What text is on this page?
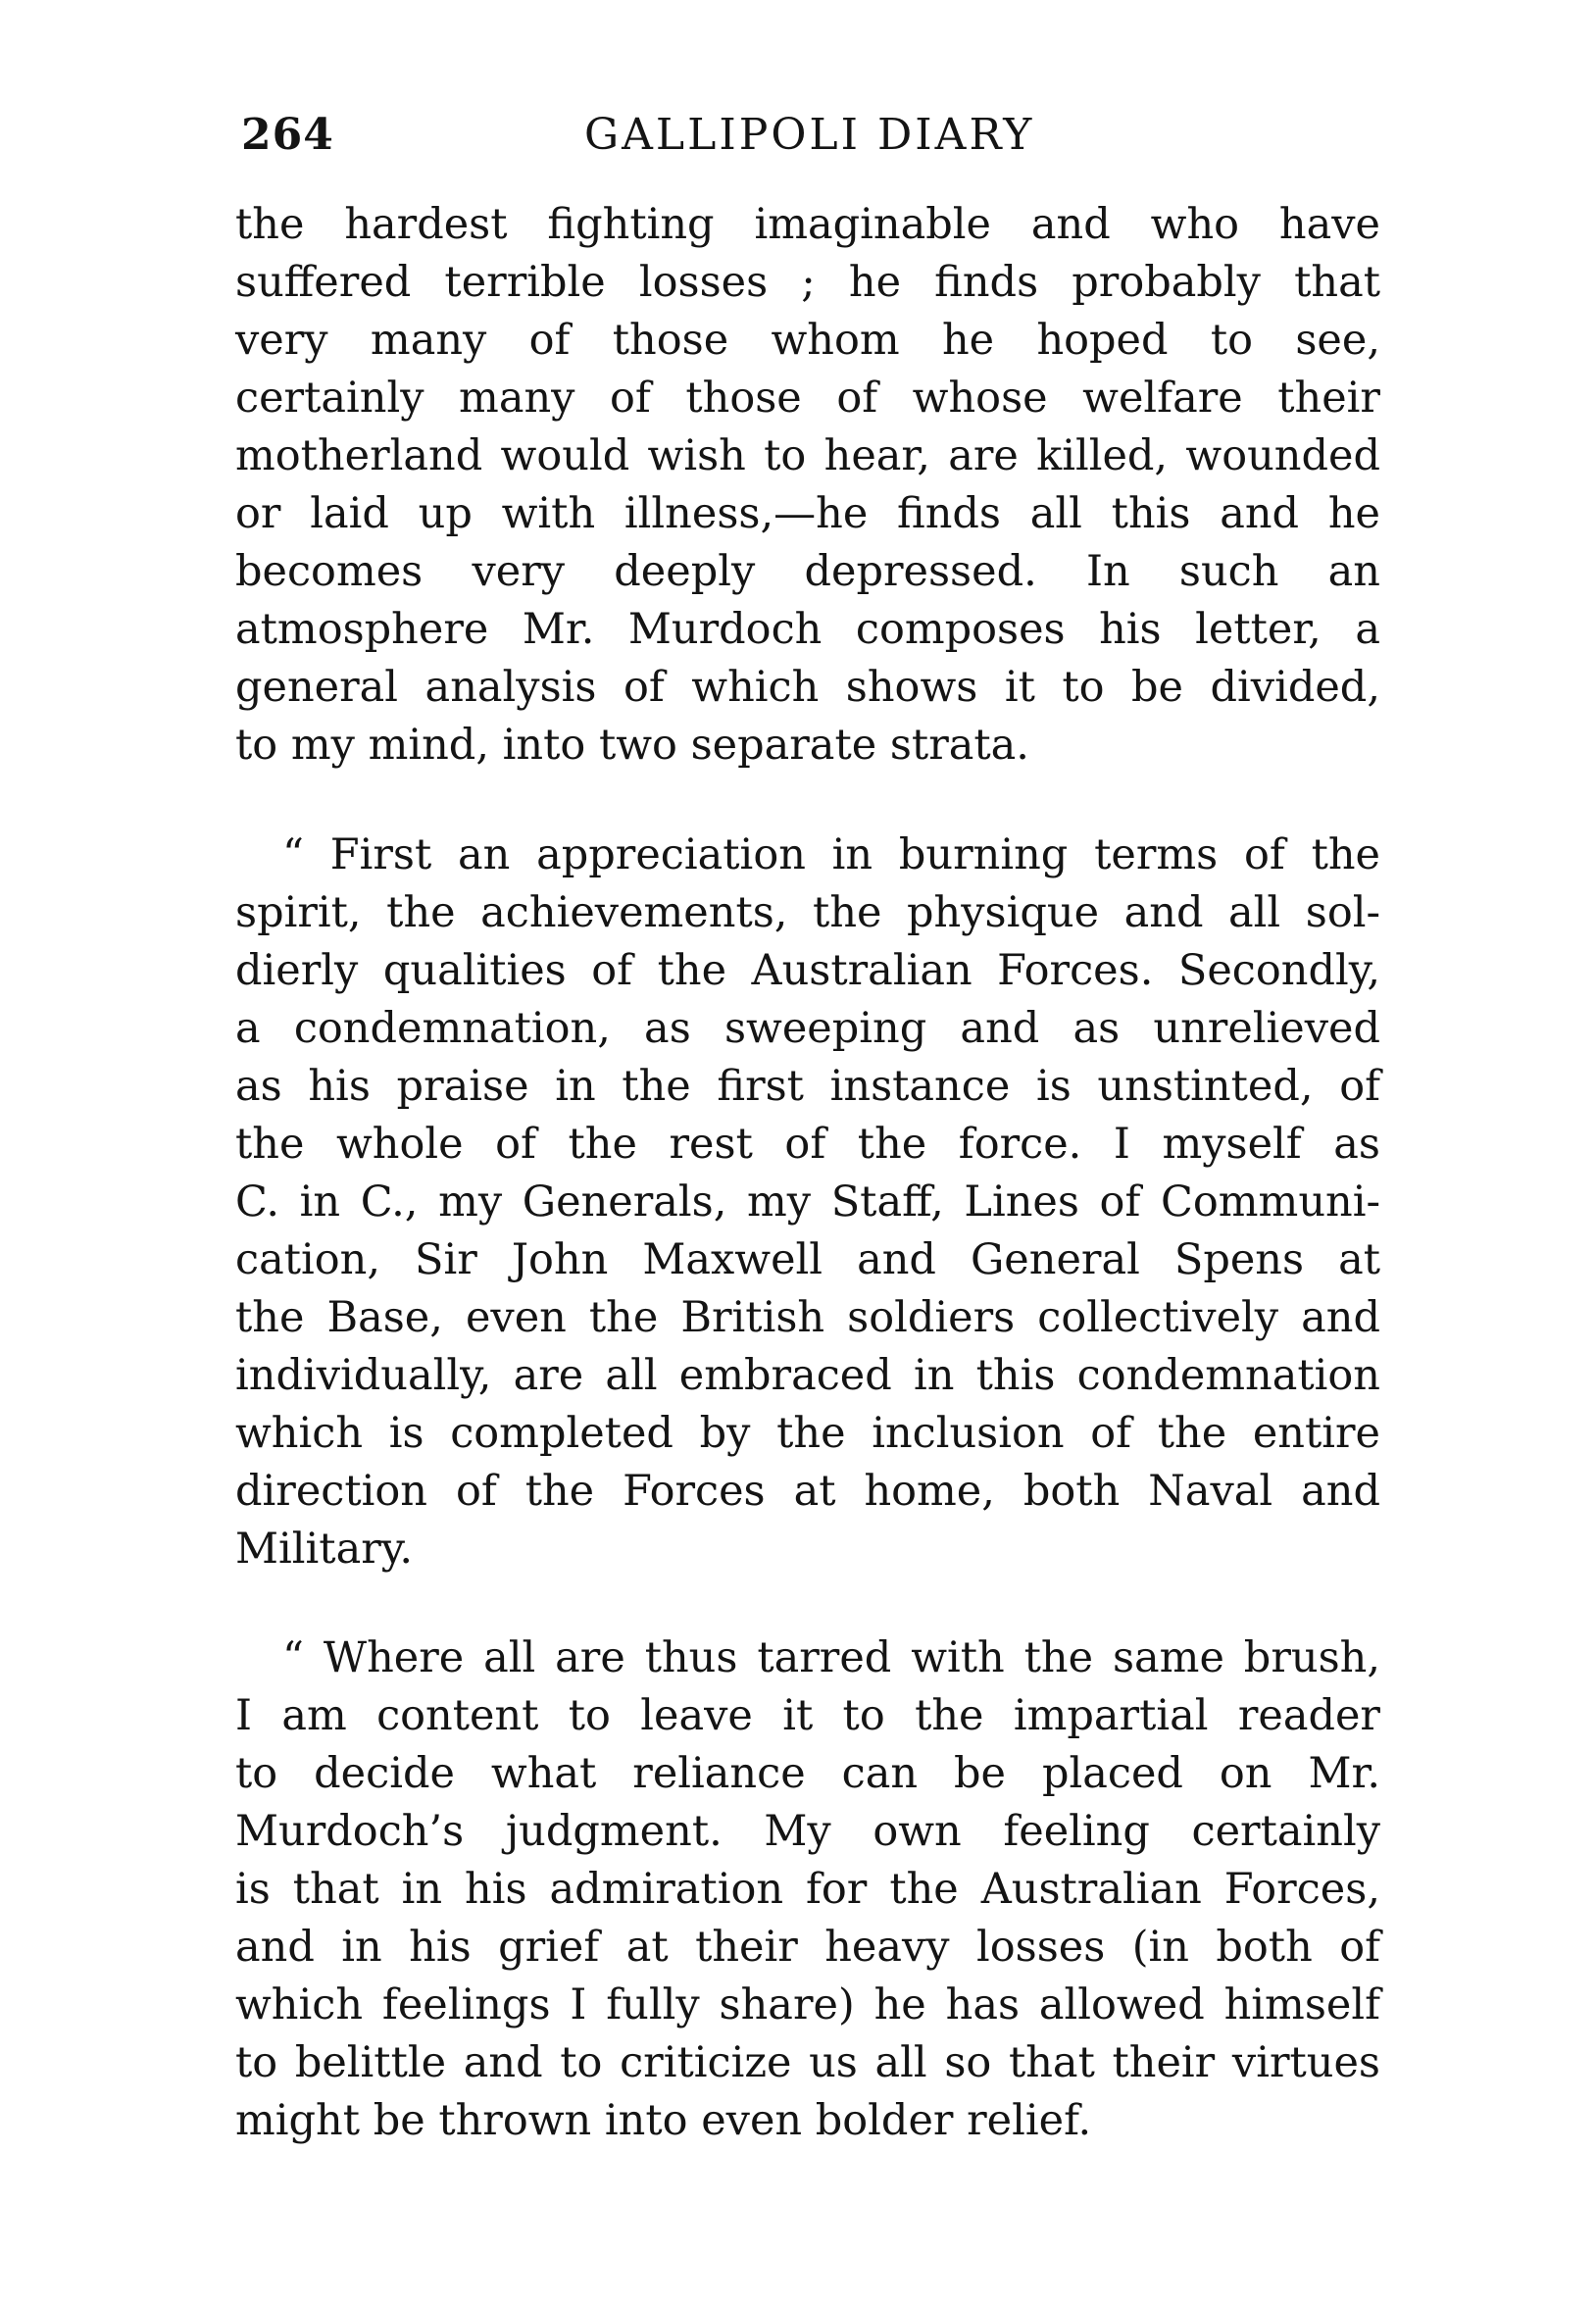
264	GALLIPOLI DIARY
the hardest fighting imaginable and who have
suffered terrible losses ; he finds probably that
very many of those whom he hoped to see,
certainly many of those of whose welfare their
motherland would wish to hear, are killed, wounded
or laid up with illness,—he finds all this and he
becomes very deeply depressed. In such an
atmosphere Mr. Murdoch composes his letter, a
general analysis of which shows it to be divided,
to my mind, into two separate strata.
“ First an appreciation in burning terms of the
spirit, the achievements, the physique and all sol-
dierly qualities of the Australian Forces. Secondly,
a condemnation, as sweeping and as unrelieved
as his praise in the first instance is unstinted, of
the whole of the rest of the force. I myself as
C. in C., my Generals, my Staff, Lines of Communi-
cation, Sir John Maxwell and General Spens at
the Base, even the British soldiers collectively and
individually, are all embraced in this condemnation
which is completed by the inclusion of the entire
direction of the Forces at home, both Naval and
Military.
“ Where all are thus tarred with the same brush,
I am content to leave it to the impartial reader
to decide what reliance can be placed on Mr.
Murdoch’s judgment. My own feeling certainly
is that in his admiration for the Australian Forces,
and in his grief at their heavy losses (in both of
which feelings I fully share) he has allowed himself
to belittle and to criticize us all so that their virtues
might be thrown into even bolder relief.
